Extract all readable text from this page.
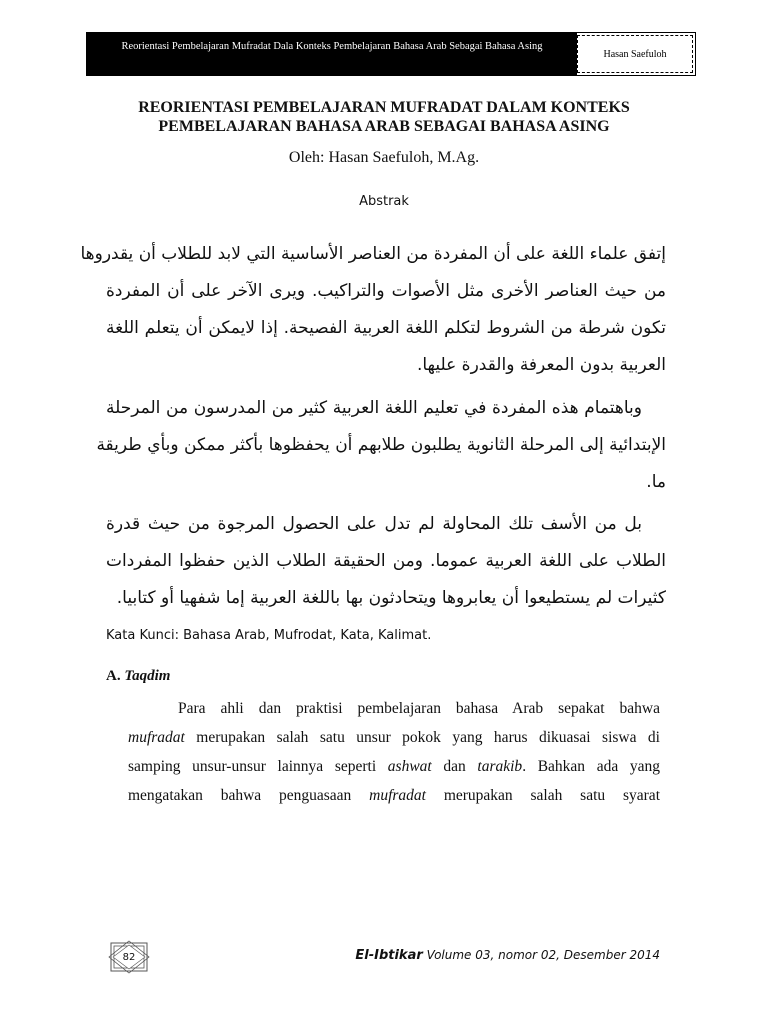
Reorientasi Pembelajaran Mufradat Dala Konteks Pembelajaran Bahasa Arab Sebagai Bahasa Asing
Hasan Saefuloh
REORIENTASI PEMBELAJARAN MUFRADAT DALAM KONTEKS
PEMBELAJARAN BAHASA ARAB SEBAGAI BAHASA ASING
Oleh: Hasan Saefuloh, M.Ag.
Abstrak
إتفق علماء اللغة على أن المفردة من العناصر الأساسية التي لابد للطلاب أن يقدروها
من حيث العناصر الأخرى مثل الأصوات والتراكيب. ويرى الآخر على أن المفردة
تكون شرطة من الشروط لتكلم اللغة العربية الفصيحة. إذا لايمكن أن يتعلم اللغة
العربية بدون المعرفة والقدرة عليها.
وباهتمام هذه المفردة في تعليم اللغة العربية كثير من المدرسون من المرحلة
الإبتدائية إلى المرحلة الثانوية يطلبون طلابهم أن يحفظوها بأكثر ممكن وبأي طريقة
ما.
بل من الأسف تلك المحاولة لم تدل على الحصول المرجوة من حيث قدرة
الطلاب على اللغة العربية عموما. ومن الحقيقة الطلاب الذين حفظوا المفردات
كثيرات لم يستطيعوا أن يعابروها ويتحادثون بها باللغة العربية إما شفهيا أو كتابيا.
Kata Kunci: Bahasa Arab, Mufrodat, Kata, Kalimat.
A. Taqdim
Para ahli dan praktisi pembelajaran bahasa Arab sepakat bahwa
mufradat merupakan salah satu unsur pokok yang harus dikuasai siswa di
samping unsur-unsur lainnya seperti ashwat dan tarakib. Bahkan ada yang
mengatakan bahwa penguasaan mufradat merupakan salah satu syarat
82	El-Ibtikar Volume 03, nomor 02, Desember 2014
